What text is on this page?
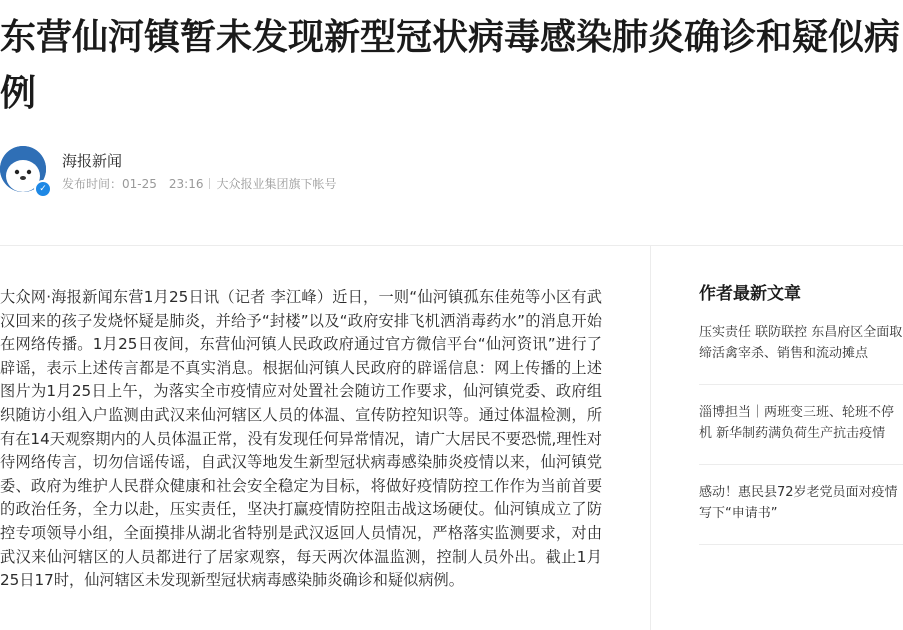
东营仙河镇暂未发现新型冠状病毒感染肺炎确诊和疑似病例
✓
海报新闻
发布时间：01-25　23:16 大众报业集团旗下帐号

大众网·海报新闻东营1月25日讯（记者 李江峰）近日，一则“仙河镇孤东佳苑等小区有武汉回来的孩子发烧怀疑是肺炎，并给予“封楼”以及“政府安排飞机洒消毒药水”的消息开始在网络传播。1月25日夜间，东营仙河镇人民政政府通过官方微信平台“仙河资讯”进行了辟谣，表示上述传言都是不真实消息。根据仙河镇人民政府的辟谣信息：网上传播的上述图片为1月25日上午，为落实全市疫情应对处置社会随访工作要求，仙河镇党委、政府组织随访小组入户监测由武汉来仙河辖区人员的体温、宣传防控知识等。通过体温检测，所有在14天观察期内的人员体温正常，没有发现任何异常情况，请广大居民不要恐慌,理性对待网络传言，切勿信谣传谣，自武汉等地发生新型冠状病毒感染肺炎疫情以来，仙河镇党委、政府为维护人民群众健康和社会安全稳定为目标，将做好疫情防控工作作为当前首要的政治任务，全力以赴，压实责任，坚决打赢疫情防控阻击战这场硬仗。仙河镇成立了防控专项领导小组，全面摸排从湖北省特别是武汉返回人员情况，严格落实监测要求，对由武汉来仙河辖区的人员都进行了居家观察，每天两次体温监测，控制人员外出。截止1月25日17时，仙河辖区未发现新型冠状病毒感染肺炎确诊和疑似病例。

作者最新文章
压实责任 联防联控 东昌府区全面取缔活禽宰杀、销售和流动摊点
淄博担当｜两班变三班、轮班不停机 新华制药满负荷生产抗击疫情
感动！惠民县72岁老党员面对疫情写下“申请书”
